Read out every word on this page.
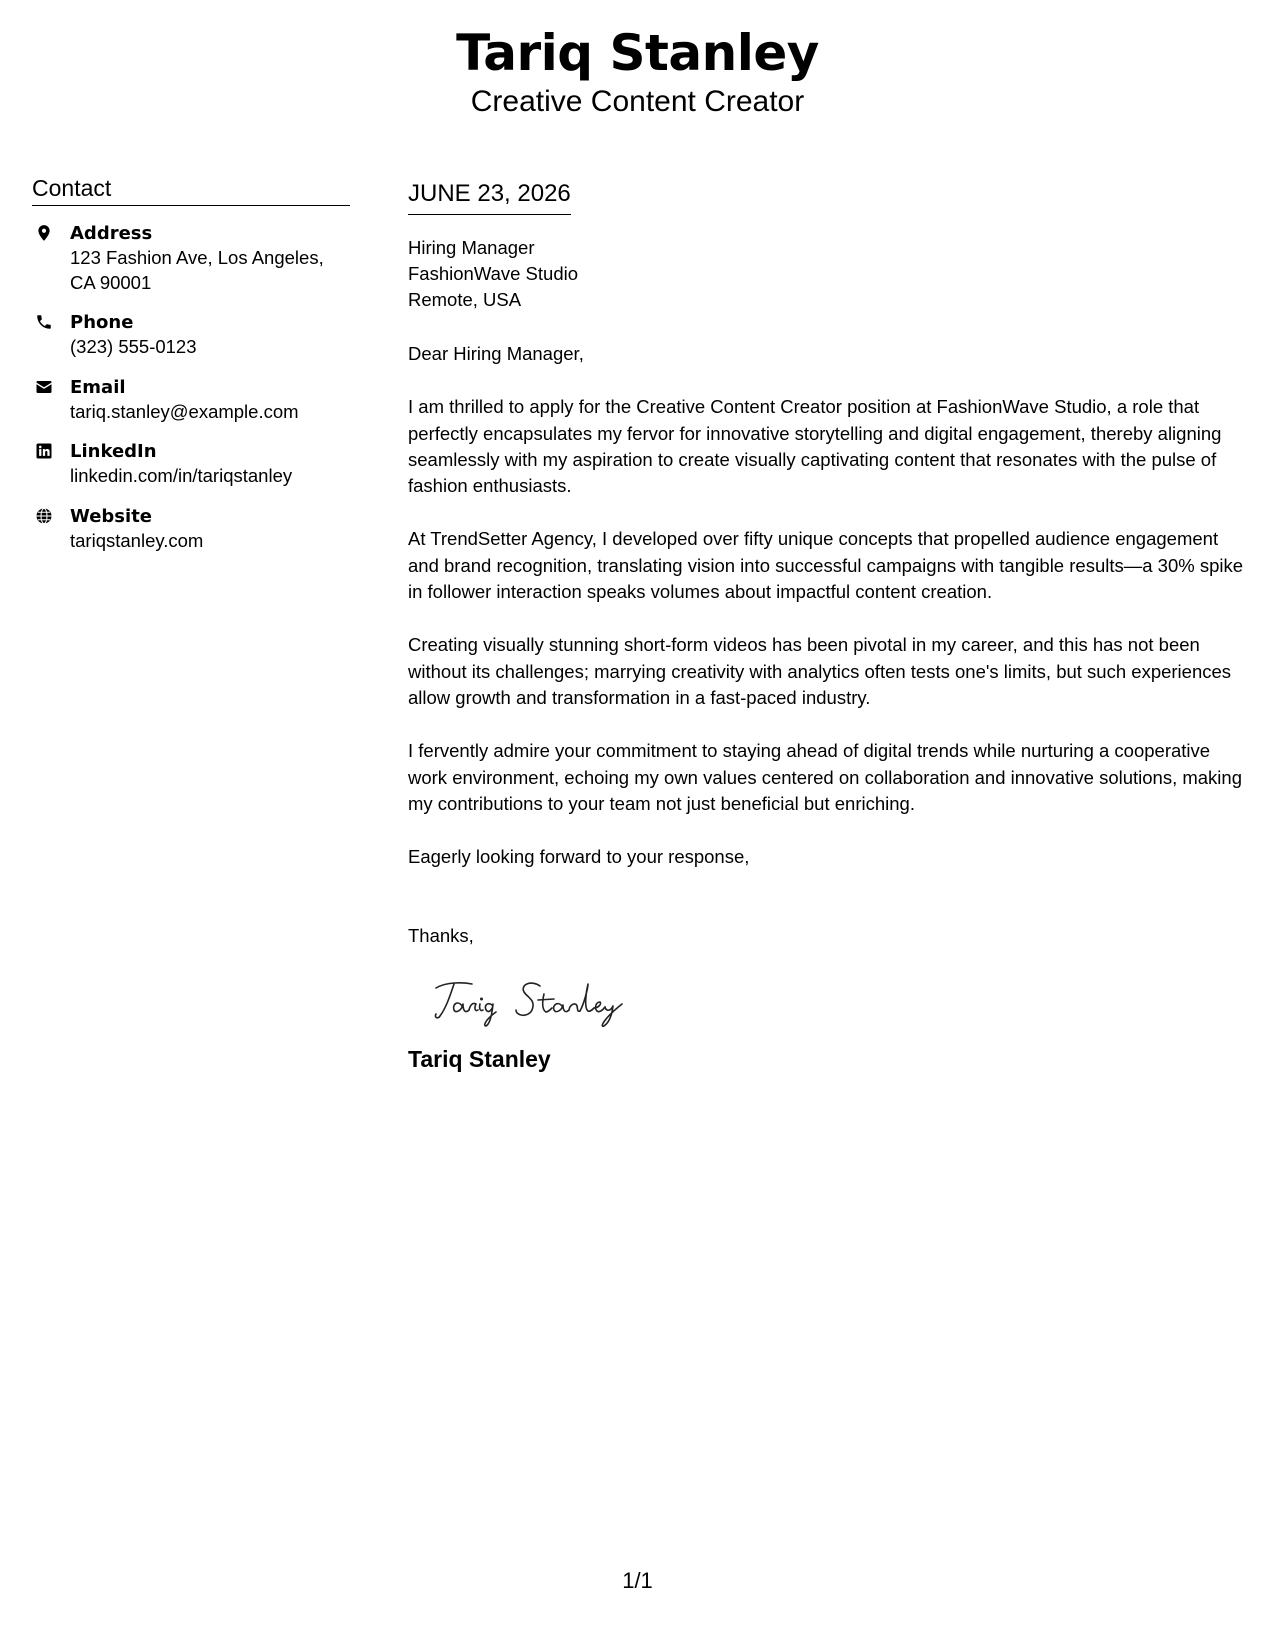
Tariq Stanley
Creative Content Creator
Contact
Address
123 Fashion Ave, Los Angeles, CA 90001
Phone
(323) 555-0123
Email
tariq.stanley@example.com
LinkedIn
linkedin.com/in/tariqstanley
Website
tariqstanley.com
JUNE 23, 2026
Hiring Manager
FashionWave Studio
Remote, USA

Dear Hiring Manager,

I am thrilled to apply for the Creative Content Creator position at FashionWave Studio, a role that perfectly encapsulates my fervor for innovative storytelling and digital engagement, thereby aligning seamlessly with my aspiration to create visually captivating content that resonates with the pulse of fashion enthusiasts.

At TrendSetter Agency, I developed over fifty unique concepts that propelled audience engagement and brand recognition, translating vision into successful campaigns with tangible results—a 30% spike in follower interaction speaks volumes about impactful content creation.

Creating visually stunning short-form videos has been pivotal in my career, and this has not been without its challenges; marrying creativity with analytics often tests one's limits, but such experiences allow growth and transformation in a fast-paced industry.

I fervently admire your commitment to staying ahead of digital trends while nurturing a cooperative work environment, echoing my own values centered on collaboration and innovative solutions, making my contributions to your team not just beneficial but enriching.

Eagerly looking forward to your response,

Thanks,

Tariq Stanley
1/1
